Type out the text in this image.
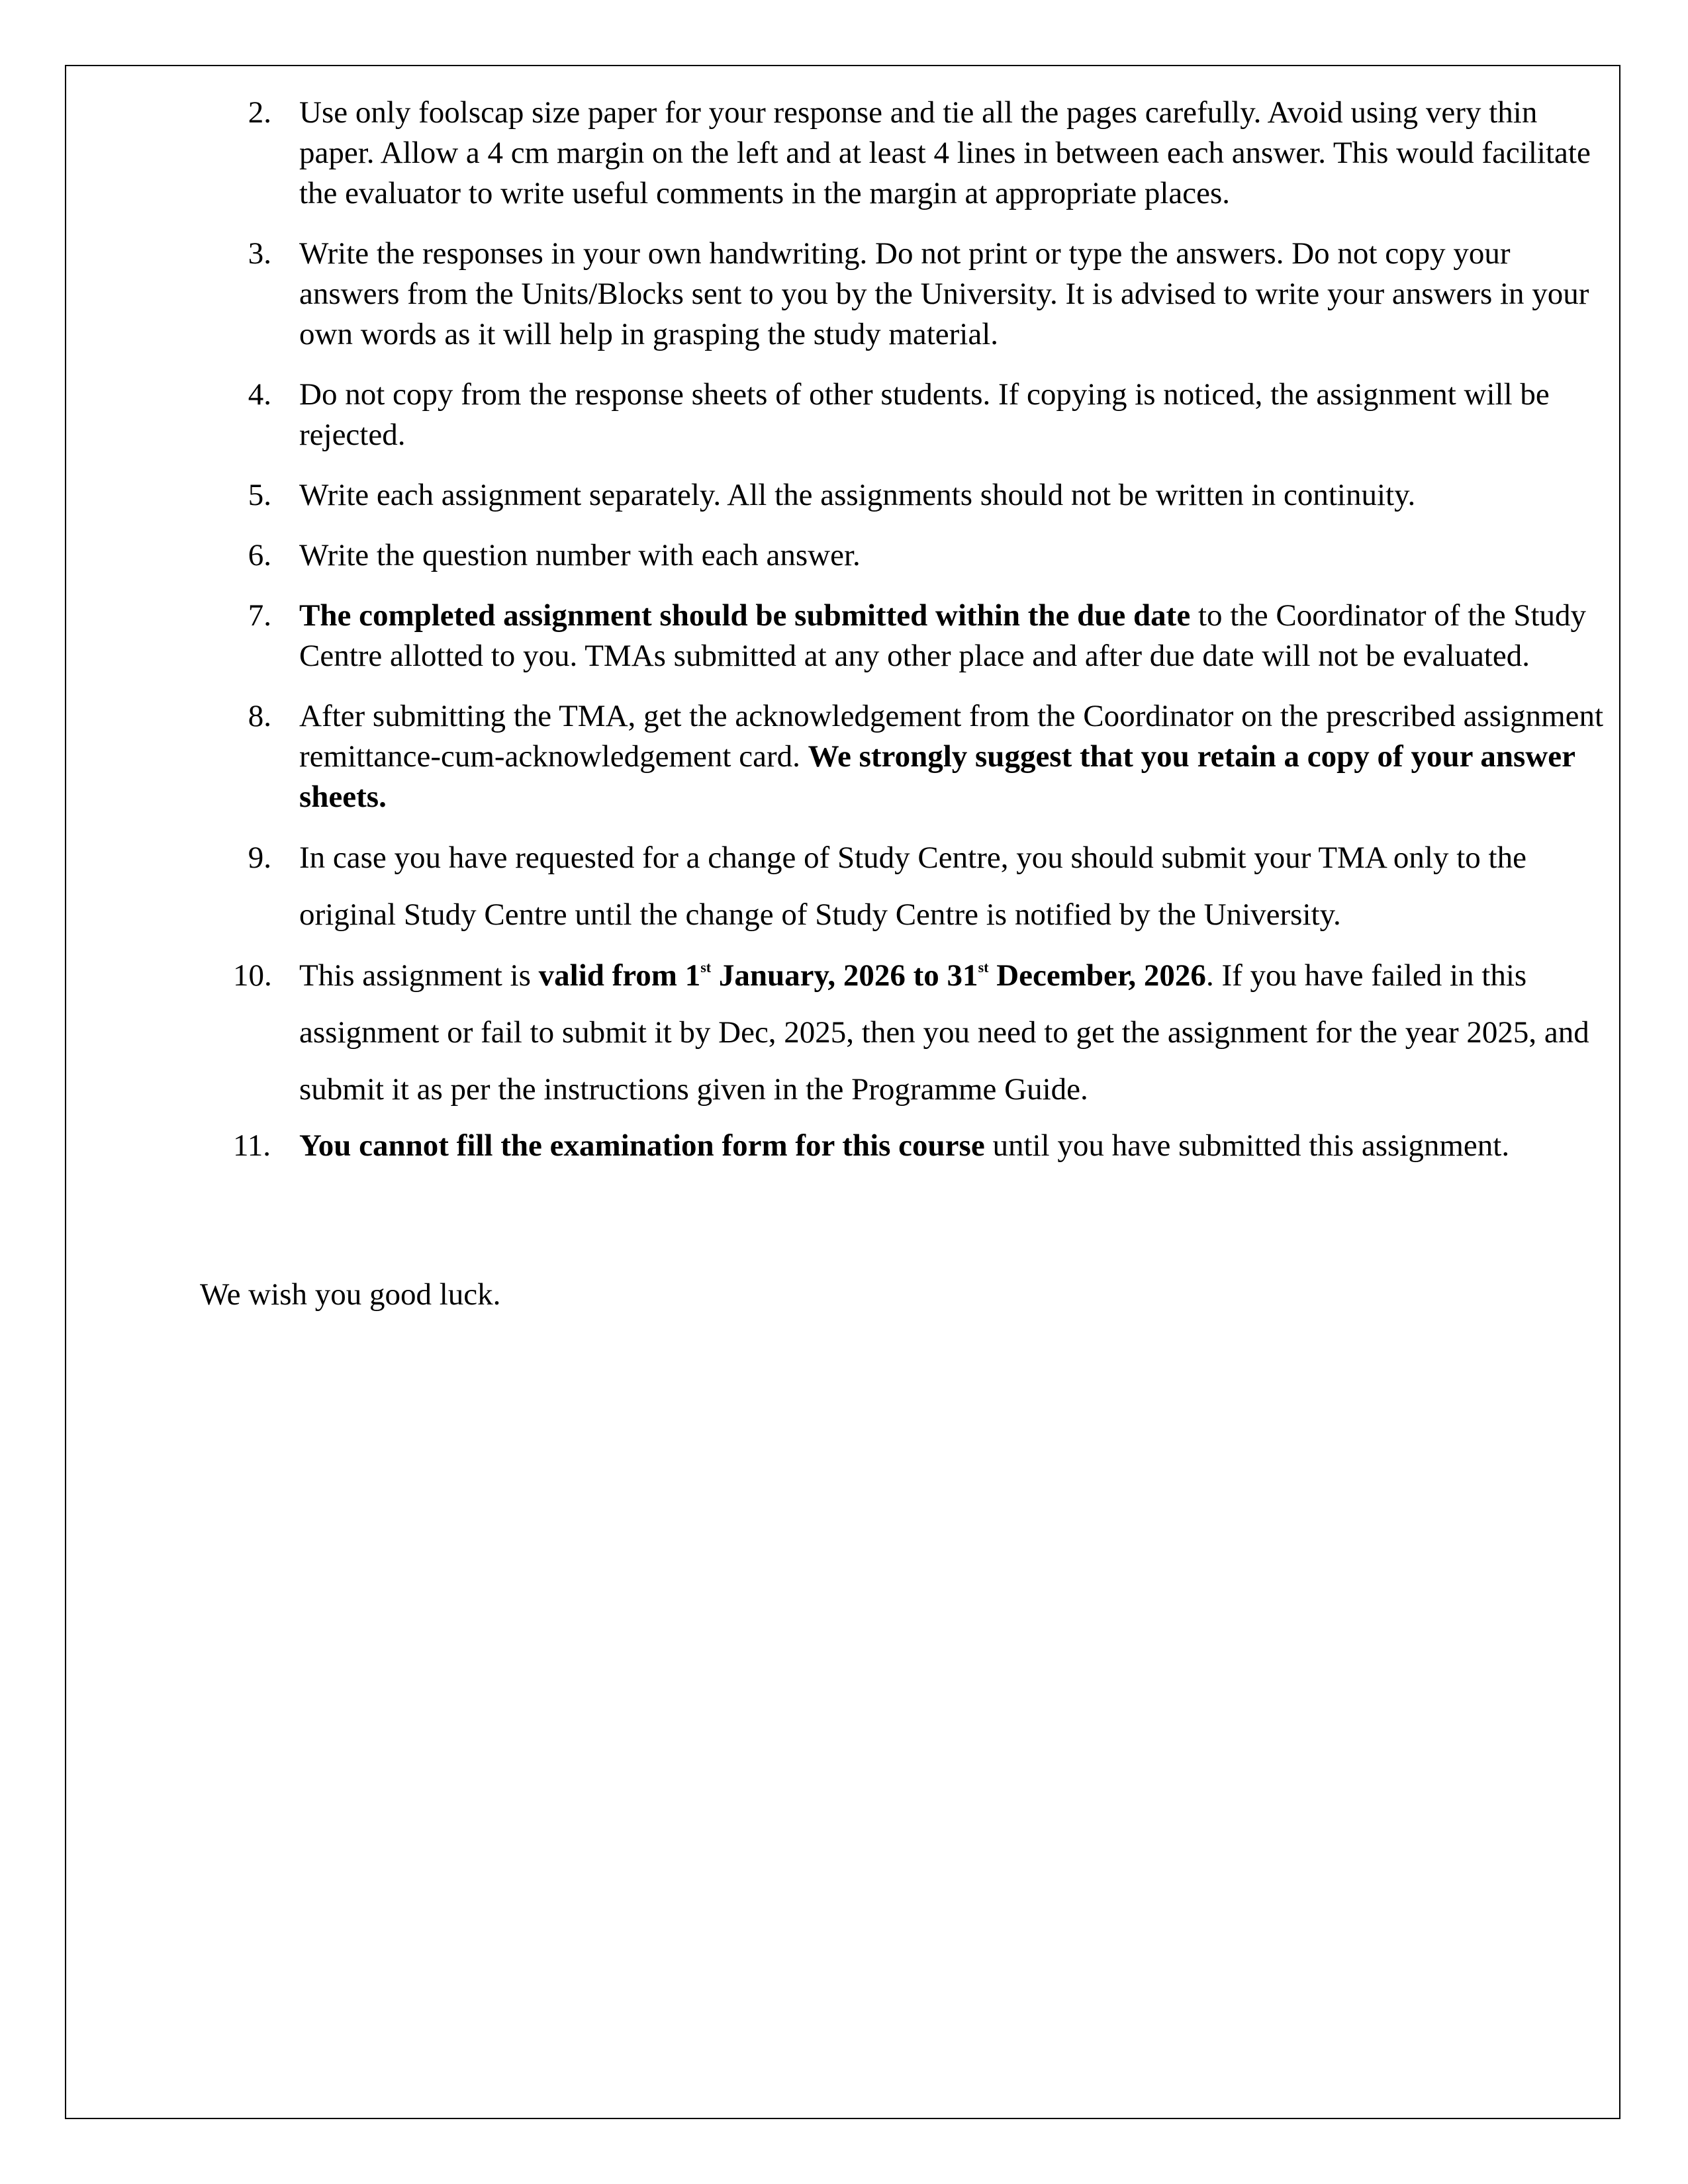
2. Use only foolscap size paper for your response and tie all the pages carefully. Avoid using very thin paper. Allow a 4 cm margin on the left and at least 4 lines in between each answer. This would facilitate the evaluator to write useful comments in the margin at appropriate places.
3. Write the responses in your own handwriting. Do not print or type the answers. Do not copy your answers from the Units/Blocks sent to you by the University. It is advised to write your answers in your own words as it will help in grasping the study material.
4. Do not copy from the response sheets of other students. If copying is noticed, the assignment will be rejected.
5. Write each assignment separately. All the assignments should not be written in continuity.
6. Write the question number with each answer.
7. The completed assignment should be submitted within the due date to the Coordinator of the Study Centre allotted to you. TMAs submitted at any other place and after due date will not be evaluated.
8. After submitting the TMA, get the acknowledgement from the Coordinator on the prescribed assignment remittance-cum-acknowledgement card. We strongly suggest that you retain a copy of your answer sheets.
9. In case you have requested for a change of Study Centre, you should submit your TMA only to the original Study Centre until the change of Study Centre is notified by the University.
10. This assignment is valid from 1st January, 2026 to 31st December, 2026. If you have failed in this assignment or fail to submit it by Dec, 2025, then you need to get the assignment for the year 2025, and submit it as per the instructions given in the Programme Guide.
11. You cannot fill the examination form for this course until you have submitted this assignment.

We wish you good luck.
